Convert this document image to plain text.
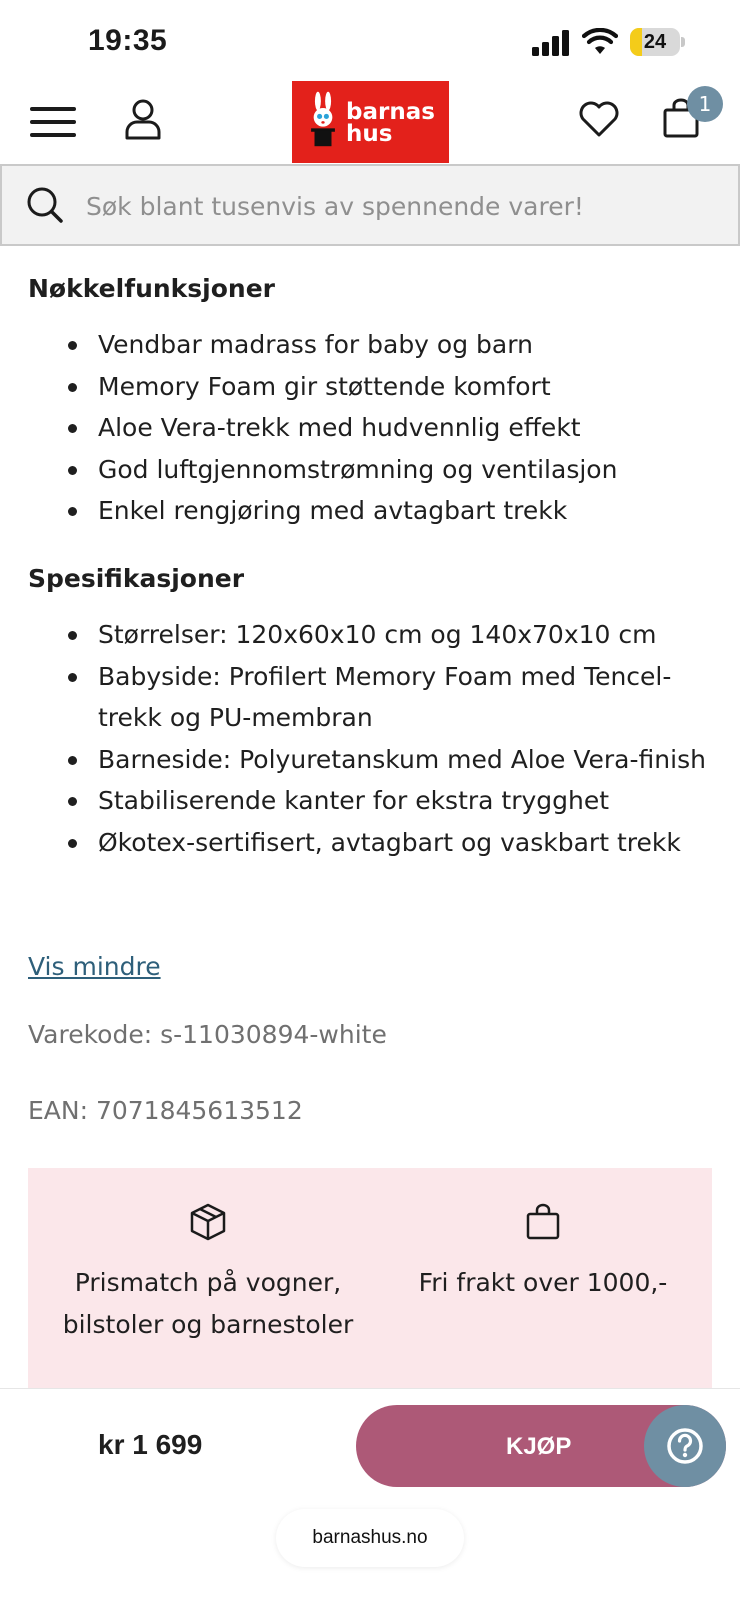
19:35	24
barnas
hus
1
Søk blant tusenvis av spennende varer!
Nøkkelfunksjoner
Vendbar madrass for baby og barn
Memory Foam gir støttende komfort
Aloe Vera-trekk med hudvennlig effekt
God luftgjennomstrømning og ventilasjon
Enkel rengjøring med avtagbart trekk
Spesifikasjoner
Størrelser: 120x60x10 cm og 140x70x10 cm
Babyside: Profilert Memory Foam med Tencel-trekk og PU-membran
Barneside: Polyuretanskum med Aloe Vera-finish
Stabiliserende kanter for ekstra trygghet
Økotex-sertifisert, avtagbart og vaskbart trekk
Vis mindre
Varekode: s-11030894-white
EAN: 7071845613512
Prismatch på vogner, bilstoler og barnestoler
Fri frakt over 1000,-
kr 1 699	KJØP
barnashus.no
